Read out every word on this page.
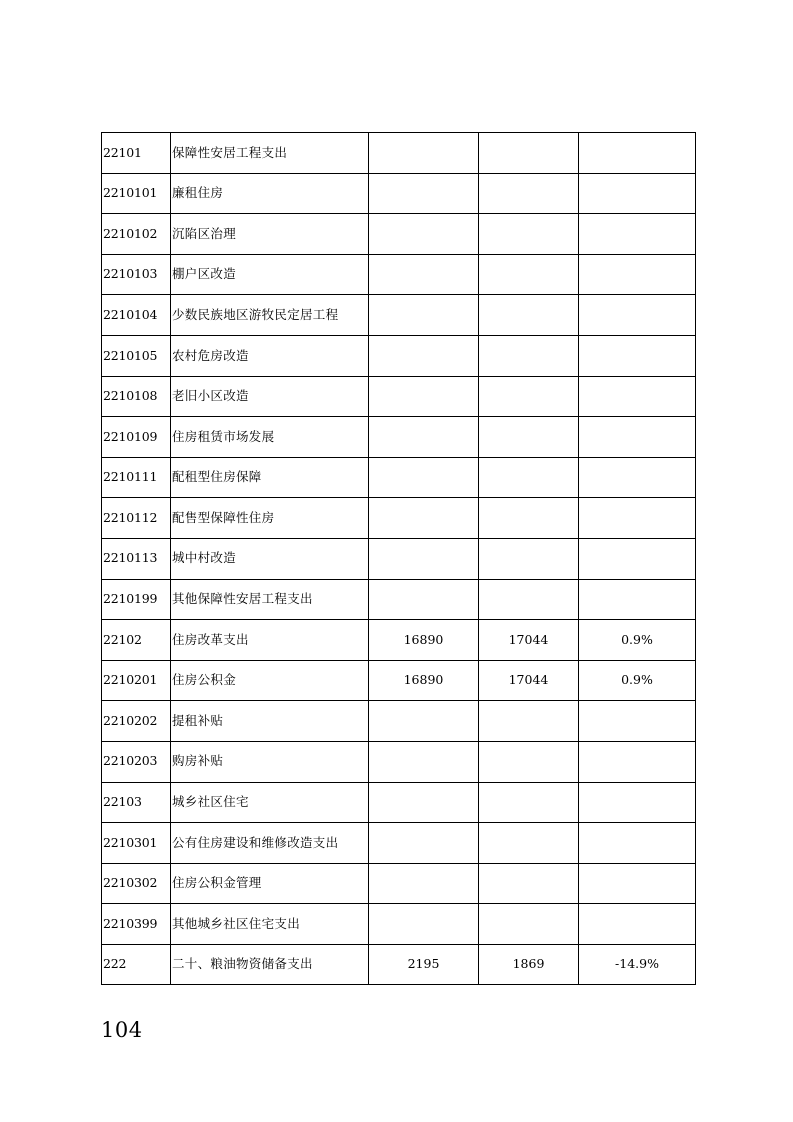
22101	保障性安居工程支出			
2210101	廉租住房			
2210102	沉陷区治理			
2210103	棚户区改造			
2210104	少数民族地区游牧民定居工程			
2210105	农村危房改造			
2210108	老旧小区改造			
2210109	住房租赁市场发展			
2210111	配租型住房保障			
2210112	配售型保障性住房			
2210113	城中村改造			
2210199	其他保障性安居工程支出			
22102	住房改革支出	16890	17044	0.9%
2210201	住房公积金	16890	17044	0.9%
2210202	提租补贴			
2210203	购房补贴			
22103	城乡社区住宅			
2210301	公有住房建设和维修改造支出			
2210302	住房公积金管理			
2210399	其他城乡社区住宅支出			
222	二十、粮油物资储备支出	2195	1869	-14.9%
104
